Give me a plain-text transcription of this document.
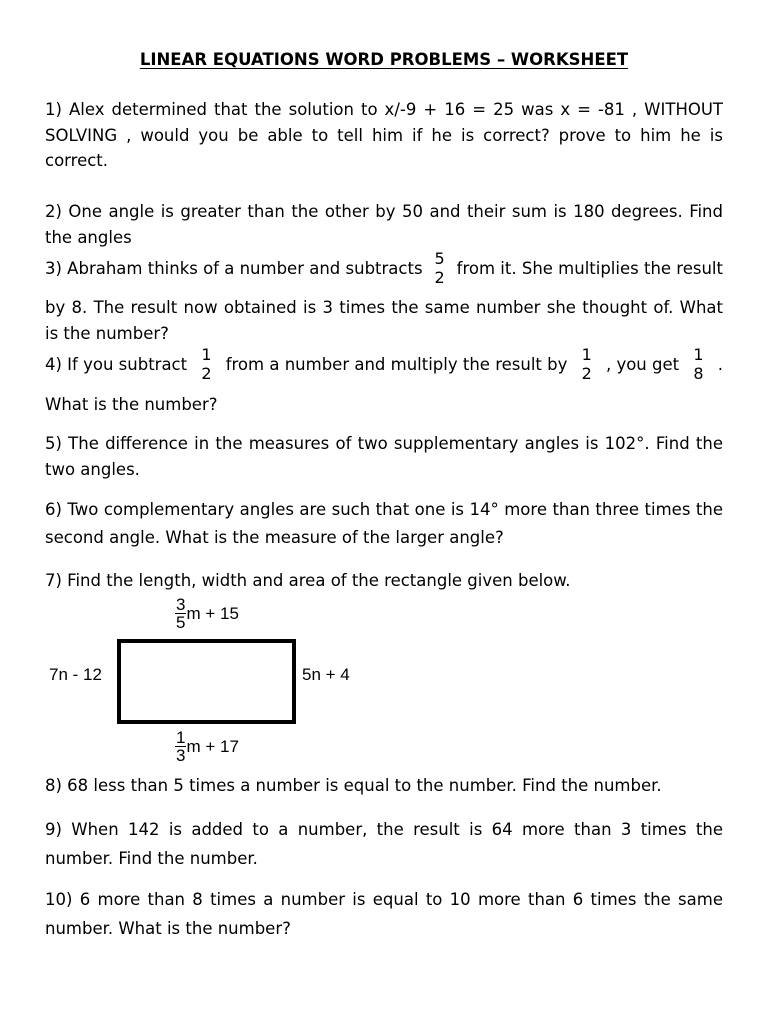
LINEAR EQUATIONS WORD PROBLEMS – WORKSHEET
1) Alex determined that the solution to x/-9 + 16 = 25 was x = -81 , WITHOUT SOLVING , would you be able to tell him if he is correct? prove to him he is correct.
2) One angle is greater than the other by 50 and their sum is 180 degrees. Find the angles
3) Abraham thinks of a number and subtracts
5
2 from it. She multiplies the result
by 8. The result now obtained is 3 times the same number she thought of. What is the number?
4) If you subtract
1
2 from a number and multiply the result by
1
2 , you get
1
8 .
What is the number?
5) The difference in the measures of two supplementary angles is 102°. Find the two angles.
6) Two complementary angles are such that one is 14° more than three times the second angle. What is the measure of the larger angle?
7) Find the length, width and area of the rectangle given below.
$\frac{3}{5}$ m + 15
7n - 12	5n + 4
$\frac{1}{3}$ m + 17
8) 68 less than 5 times a number is equal to the number. Find the number.
9) When 142 is added to a number, the result is 64 more than 3 times the number. Find the number.
10) 6 more than 8 times a number is equal to 10 more than 6 times the same number. What is the number?
